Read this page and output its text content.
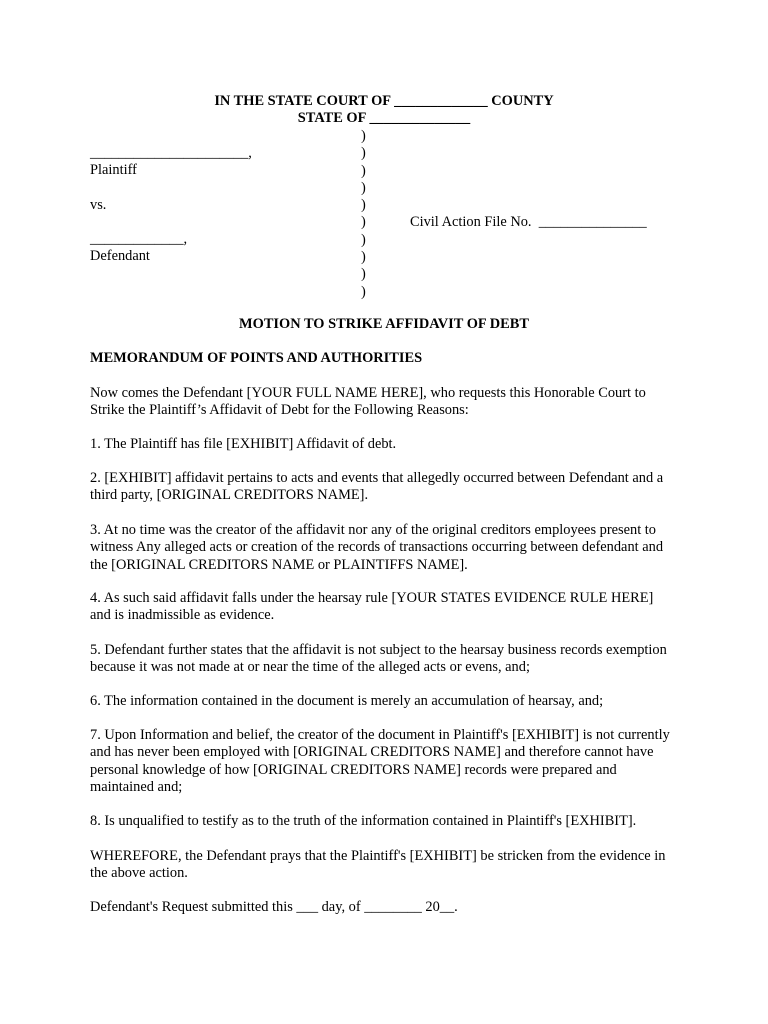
IN THE STATE COURT OF _____________ COUNTY
STATE OF ______________
______________________,
Plaintiff
vs.
_____________,
Defendant
)
)
)
)
)
)
)
)
)
)
Civil Action File No.  _______________
MOTION TO STRIKE AFFIDAVIT OF DEBT
MEMORANDUM OF POINTS AND AUTHORITIES
Now comes the Defendant [YOUR FULL NAME HERE], who requests this Honorable Court to
Strike the Plaintiff’s Affidavit of Debt for the Following Reasons:
1. The Plaintiff has file [EXHIBIT] Affidavit of debt.
2. [EXHIBIT] affidavit pertains to acts and events that allegedly occurred between Defendant and a
third party, [ORIGINAL CREDITORS NAME].
3. At no time was the creator of the affidavit nor any of the original creditors employees present to
witness Any alleged acts or creation of the records of transactions occurring between defendant and
the [ORIGINAL CREDITORS NAME or PLAINTIFFS NAME].
4. As such said affidavit falls under the hearsay rule [YOUR STATES EVIDENCE RULE HERE]
and is inadmissible as evidence.
5. Defendant further states that the affidavit is not subject to the hearsay business records exemption
because it was not made at or near the time of the alleged acts or evens, and;
6. The information contained in the document is merely an accumulation of hearsay, and;
7. Upon Information and belief, the creator of the document in Plaintiff's [EXHIBIT] is not currently
and has never been employed with [ORIGINAL CREDITORS NAME] and therefore cannot have
personal knowledge of how [ORIGINAL CREDITORS NAME] records were prepared and
maintained and;
8. Is unqualified to testify as to the truth of the information contained in Plaintiff's [EXHIBIT].
WHEREFORE, the Defendant prays that the Plaintiff's [EXHIBIT] be stricken from the evidence in
the above action.
Defendant's Request submitted this ___ day, of ________ 20__.
